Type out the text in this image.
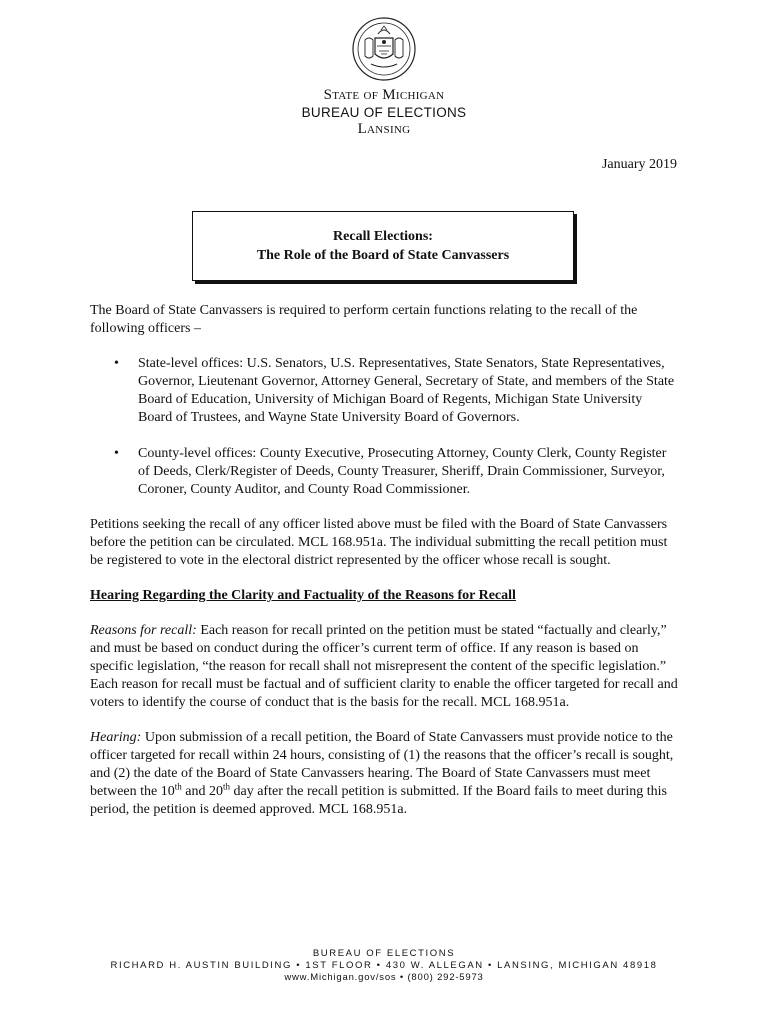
State of Michigan
BUREAU OF ELECTIONS
Lansing
January 2019
Recall Elections:
The Role of the Board of State Canvassers

The Board of State Canvassers is required to perform certain functions relating to the recall of the following officers –

• State-level offices: U.S. Senators, U.S. Representatives, State Senators, State Representatives, Governor, Lieutenant Governor, Attorney General, Secretary of State, and members of the State Board of Education, University of Michigan Board of Regents, Michigan State University Board of Trustees, and Wayne State University Board of Governors.
• County-level offices: County Executive, Prosecuting Attorney, County Clerk, County Register of Deeds, Clerk/Register of Deeds, County Treasurer, Sheriff, Drain Commissioner, Surveyor, Coroner, County Auditor, and County Road Commissioner.

Petitions seeking the recall of any officer listed above must be filed with the Board of State Canvassers before the petition can be circulated. MCL 168.951a. The individual submitting the recall petition must be registered to vote in the electoral district represented by the officer whose recall is sought.

Hearing Regarding the Clarity and Factuality of the Reasons for Recall

Reasons for recall: Each reason for recall printed on the petition must be stated “factually and clearly,” and must be based on conduct during the officer’s current term of office. If any reason is based on specific legislation, “the reason for recall shall not misrepresent the content of the specific legislation.” Each reason for recall must be factual and of sufficient clarity to enable the officer targeted for recall and voters to identify the course of conduct that is the basis for the recall. MCL 168.951a.

Hearing: Upon submission of a recall petition, the Board of State Canvassers must provide notice to the officer targeted for recall within 24 hours, consisting of (1) the reasons that the officer’s recall is sought, and (2) the date of the Board of State Canvassers hearing. The Board of State Canvassers must meet between the 10th and 20th day after the recall petition is submitted. If the Board fails to meet during this period, the petition is deemed approved. MCL 168.951a.

BUREAU OF ELECTIONS
RICHARD H. AUSTIN BUILDING • 1ST FLOOR • 430 W. ALLEGAN • LANSING, MICHIGAN 48918
www.Michigan.gov/sos • (800) 292-5973
